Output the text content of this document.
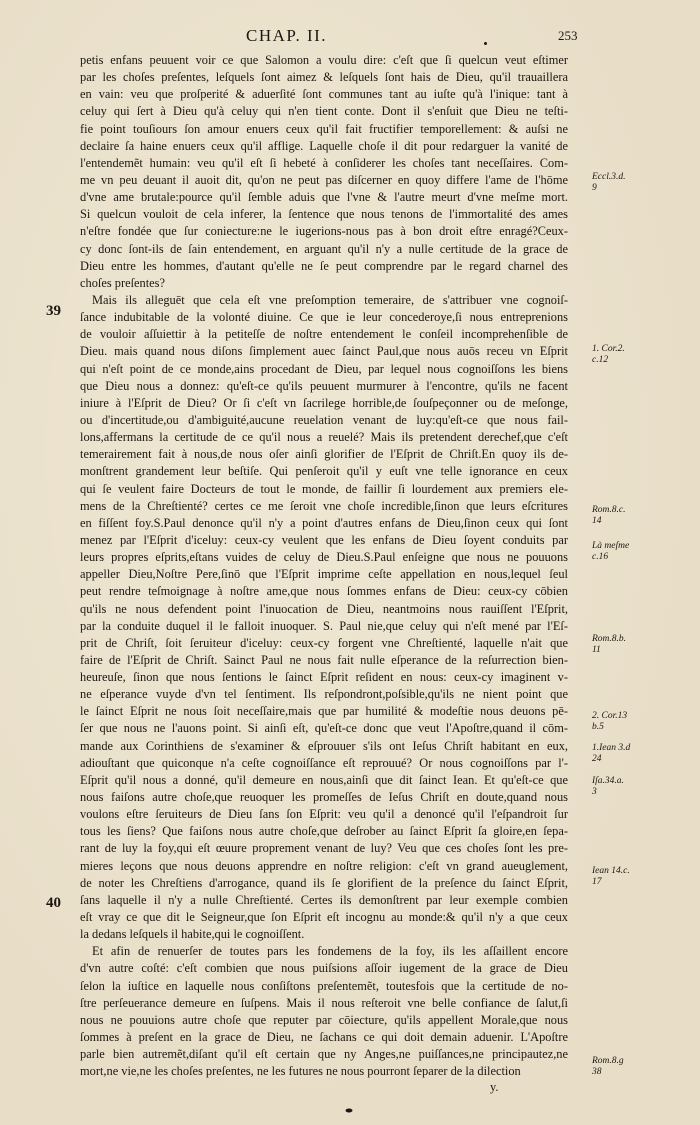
CHAP. II.	253
petis enfans peuuent voir ce que Salomon a voulu dire: c'eſt que ſi quelcun veut eſtimer
par les choſes preſentes, leſquels ſont aimez & leſquels ſont hais de Dieu, qu'il trauaillera
en vain: veu que proſperité & aduerſité ſont communes tant au iuſte qu'à l'inique: tant à
celuy qui ſert à Dieu qu'à celuy qui n'en tient conte. Dont il s'enſuit que Dieu ne teſti-
fie point touſiours ſon amour enuers ceux qu'il fait fructifier temporellement: & auſsi ne
declaire ſa haine enuers ceux qu'il afflige. Laquelle choſe il dit pour redarguer la vanité de
l'entendemẽt humain: veu qu'il eſt ſi hebeté à conſiderer les choſes tant neceſſaires. Com-
me vn peu deuant il auoit dit, qu'on ne peut pas diſcerner en quoy differe l'ame de l'hōme
d'vne ame brutale:pource qu'il ſemble aduis que l'vne & l'autre meurt d'vne meſme mort.
Si quelcun vouloit de cela inferer, la ſentence que nous tenons de l'immortalité des ames
n'eſtre fondée que ſur coniecture:ne le iugerions-nous pas à bon droit eſtre enragé?Ceux-
cy donc ſont-ils de ſain entendement, en arguant qu'il n'y a nulle certitude de la grace de
Dieu entre les hommes, d'autant qu'elle ne ſe peut comprendre par le regard charnel des
choſes preſentes?
Mais ils alleguēt que cela eſt vne preſomption temeraire, de s'attribuer vne cognoiſ-
ſance indubitable de la volonté diuine. Ce que ie leur concederoye,ſi nous entreprenions
de vouloir aſſuiettir à la petiteſſe de noſtre entendement le conſeil incomprehenſible de
Dieu. mais quand nous diſons ſimplement auec ſainct Paul,que nous auōs receu vn Eſprit
qui n'eſt point de ce monde,ains procedant de Dieu, par lequel nous cognoiſſons les biens
que Dieu nous a donnez: qu'eſt-ce qu'ils peuuent murmurer à l'encontre, qu'ils ne facent
iniure à l'Eſprit de Dieu? Or ſi c'eſt vn ſacrilege horrible,de ſouſpeçonner ou de meſonge,
ou d'incertitude,ou d'ambiguité,aucune reuelation venant de luy:qu'eſt-ce que nous fail-
lons,affermans la certitude de ce qu'il nous a reuelé? Mais ils pretendent derechef,que c'eſt
temerairement fait à nous,de nous oſer ainſi glorifier de l'Eſprit de Chriſt.En quoy ils de-
monſtrent grandement leur beſtiſe. Qui penſeroit qu'il y euſt vne telle ignorance en ceux
qui ſe veulent faire Docteurs de tout le monde, de faillir ſi lourdement aux premiers ele-
mens de la Chreſtienté? certes ce me ſeroit vne choſe incredible,ſinon que leurs eſcritures
en fiſſent foy.S.Paul denonce qu'il n'y a point d'autres enfans de Dieu,ſinon ceux qui ſont
menez par l'Eſprit d'iceluy: ceux-cy veulent que les enfans de Dieu ſoyent conduits par
leurs propres eſprits,eſtans vuides de celuy de Dieu.S.Paul enſeigne que nous ne pouuons
appeller Dieu,Noſtre Pere,ſinō que l'Eſprit imprime ceſte appellation en nous,lequel ſeul
peut rendre teſmoignage à noſtre ame,que nous ſommes enfans de Dieu: ceux-cy cōbien
qu'ils ne nous defendent point l'inuocation de Dieu, neantmoins nous rauiſſent l'Eſprit,
par la conduite duquel il le falloit inuoquer. S. Paul nie,que celuy qui n'eſt mené par l'Eſ-
prit de Chriſt, ſoit ſeruiteur d'iceluy: ceux-cy forgent vne Chreſtienté, laquelle n'ait que
faire de l'Eſprit de Chriſt. Sainct Paul ne nous fait nulle eſperance de la reſurrection bien-
heureuſe, ſinon que nous ſentions le ſainct Eſprit reſident en nous: ceux-cy imaginent v-
ne eſperance vuyde d'vn tel ſentiment. Ils reſpondront,poſsible,qu'ils ne nient point que
le ſainct Eſprit ne nous ſoit neceſſaire,mais que par humilité & modeſtie nous deuons pē-
ſer que nous ne l'auons point. Si ainſi eſt, qu'eſt-ce donc que veut l'Apoſtre,quand il cōm-
mande aux Corinthiens de s'examiner & eſprouuer s'ils ont Ieſus Chriſt habitant en eux,
adiouſtant que quiconque n'a ceſte cognoiſſance eſt reprouué? Or nous cognoiſſons par l'-
Eſprit qu'il nous a donné, qu'il demeure en nous,ainſi que dit ſainct Iean. Et qu'eſt-ce que
nous faiſons autre choſe,que reuoquer les promeſſes de Ieſus Chriſt en doute,quand nous
voulons eſtre ſeruiteurs de Dieu ſans ſon Eſprit: veu qu'il a denoncé qu'il l'eſpandroit ſur
tous les ſiens? Que faiſons nous autre choſe,que deſrober au ſainct Eſprit ſa gloire,en ſepa-
rant de luy la foy,qui eſt œuure proprement venant de luy? Veu que ces choſes ſont les pre-
mieres leçons que nous deuons apprendre en noſtre religion: c'eſt vn grand aueuglement,
de noter les Chreſtiens d'arrogance, quand ils ſe glorifient de la preſence du ſainct Eſprit,
ſans laquelle il n'y a nulle Chreſtienté. Certes ils demonſtrent par leur exemple combien
eſt vray ce que dit le Seigneur,que ſon Eſprit eſt incognu au monde:& qu'il n'y a que ceux
la dedans leſquels il habite,qui le cognoiſſent.
Et afin de renuerſer de toutes pars les fondemens de la foy, ils les aſſaillent encore
d'vn autre coſté: c'eſt combien que nous puiſsions aſſoir iugement de la grace de Dieu
ſelon la iuſtice en laquelle nous conſiſtons preſentemẽt, toutesfois que la certitude de no-
ſtre perſeuerance demeure en ſuſpens. Mais il nous reſteroit vne belle confiance de ſalut,ſi
nous ne pouuions autre choſe que reputer par cōiecture, qu'ils appellent Morale,que nous
ſommes à preſent en la grace de Dieu, ne ſachans ce qui doit demain aduenir. L'Apoſtre
parle bien autremẽt,diſant qu'il eſt certain que ny Anges,ne puiſſances,ne principautez,ne
mort,ne vie,ne les choſes preſentes, ne les futures ne nous pourront ſeparer de la dilection
39
40
Eccl.3.d.
9
1. Cor.2.
c.12
Rom.8.c.
14
Là meſme
c.16
Rom.8.b.
11
2. Cor.13
b.5
1.Iean 3.d
24
Iſa.34.a.
3
Iean 14.c.
17
Rom.8.g
38
y.
